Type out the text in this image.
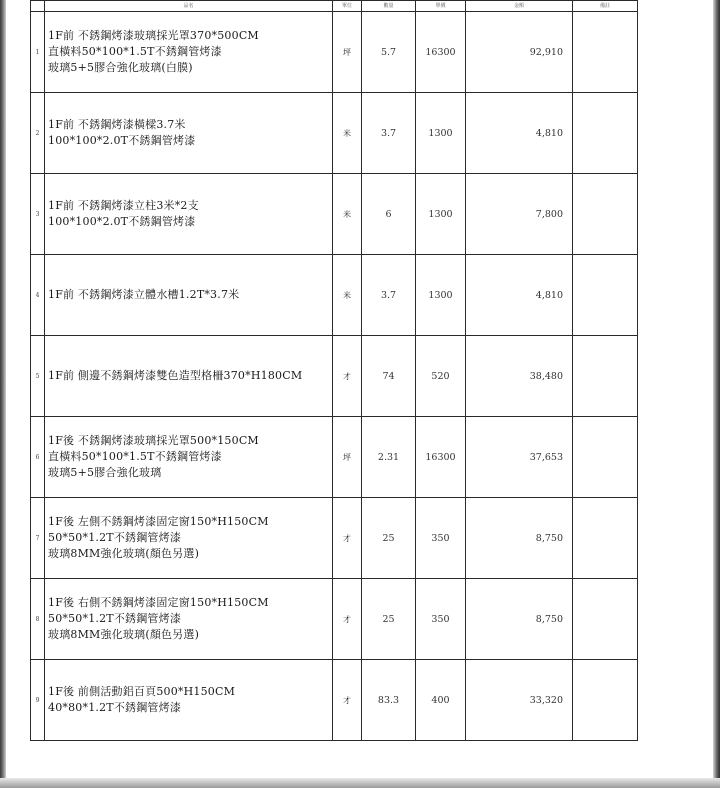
	品名	單位	數量	單價	金額	備註
1	1F前 不銹鋼烤漆玻璃採光罩370*500CM
直橫料50*100*1.5T不銹鋼管烤漆
玻璃5+5膠合強化玻璃(白膜)	坪	5.7	16300	92,910	
2	1F前 不銹鋼烤漆橫樑3.7米
100*100*2.0T不銹鋼管烤漆	米	3.7	1300	4,810	
3	1F前 不銹鋼烤漆立柱3米*2支
100*100*2.0T不銹鋼管烤漆	米	6	1300	7,800	
4	1F前 不銹鋼烤漆立體水槽1.2T*3.7米	米	3.7	1300	4,810	
5	1F前 側邊不銹鋼烤漆雙色造型格柵370*H180CM	才	74	520	38,480	
6	1F後 不銹鋼烤漆玻璃採光罩500*150CM
直橫料50*100*1.5T不銹鋼管烤漆
玻璃5+5膠合強化玻璃	坪	2.31	16300	37,653	
7	1F後 左側不銹鋼烤漆固定窗150*H150CM
50*50*1.2T不銹鋼管烤漆
玻璃8MM強化玻璃(顏色另選)	才	25	350	8,750	
8	1F後 右側不銹鋼烤漆固定窗150*H150CM
50*50*1.2T不銹鋼管烤漆
玻璃8MM強化玻璃(顏色另選)	才	25	350	8,750	
9	1F後 前側活動鋁百頁500*H150CM
40*80*1.2T不銹鋼管烤漆	才	83.3	400	33,320	
